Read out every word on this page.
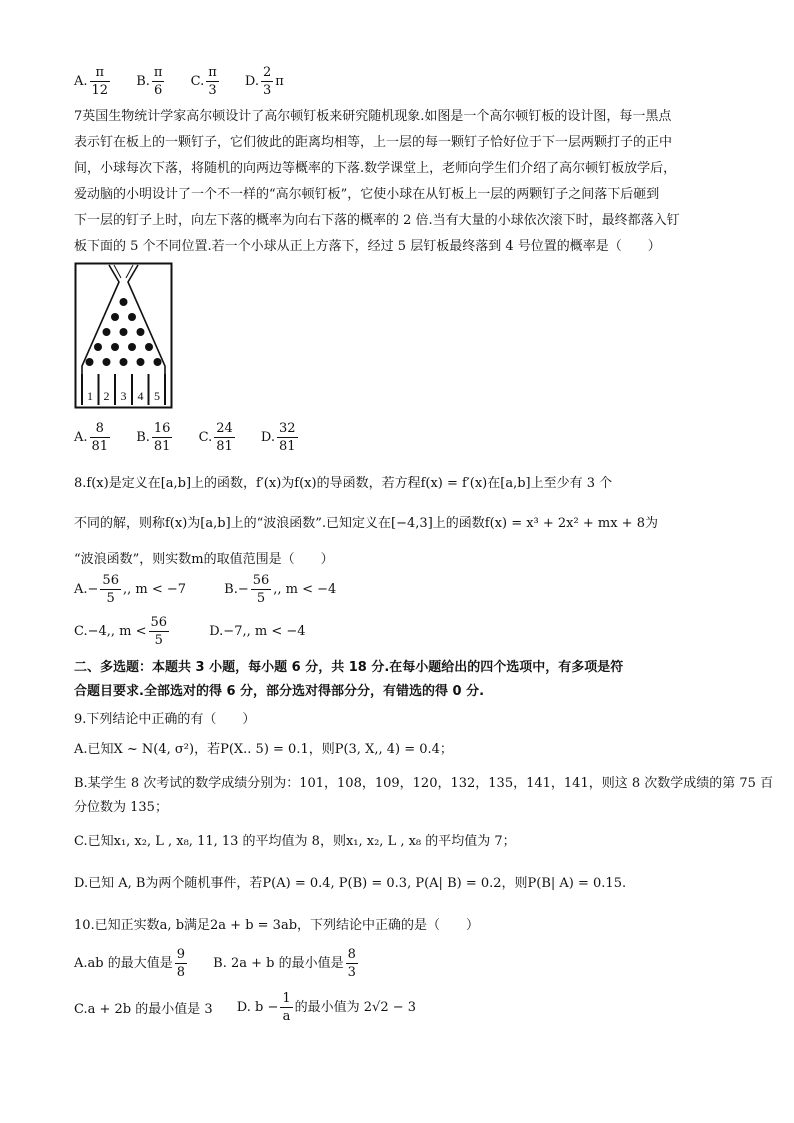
A. $\frac{\pi}{12} B$. $\frac{\pi}{6} C$. $\frac{\pi}{3} D$. $\frac{2}{3}$ π
7英国生物统计学家高尔顿设计了高尔顿钉板来研究随机现象.如图是一个高尔顿钉板的设计图，每一黑点
表示钉在板上的一颗钉子，它们彼此的距离均相等，上一层的每一颗钉子恰好位于下一层两颗打子的正中
间，小球每次下落，将随机的向两边等概率的下落.数学课堂上，老师向学生们介绍了高尔顿钉板放学后，
爱动脑的小明设计了一个不一样的“高尔顿钉板”，它使小球在从钉板上一层的两颗钉子之间落下后砸到
下一层的钉子上时，向左下落的概率为向右下落的概率的 2 倍.当有大量的小球依次滚下时，最终都落入钉
板下面的 5 个不同位置.若一个小球从正上方落下，经过 5 层钉板最终落到 4 号位置的概率是（　　）
1 2 3 4 5
A. $\frac{8}{81} B$. $\frac{16}{81} C$. $\frac{24}{81} D$. $\frac{32}{81}$
8.f(x)是定义在[a,b]上的函数，f′(x)为f(x)的导函数，若方程f(x) = f′(x)在[a,b]上至少有 3 个
不同的解，则称f(x)为[a,b]上的“波浪函数”.已知定义在[−4,3]上的函数f(x) = x³ + 2x² + mx + 8为
“波浪函数”，则实数m的取值范围是（　　）
$A.- \frac{56}{5}$ ,, m < −7	$B.- \frac{56}{5}$ ,, m < −4
C.−4,, $m < \frac{56}{5}$	D.−7,, m < −4
二、多选题：本题共 3 小题，每小题 6 分，共 18 分.在每小题给出的四个选项中，有多项是符
合题目要求.全部选对的得 6 分，部分选对得部分分，有错选的得 0 分.
9.下列结论中正确的有（　　）
A.已知X ~ N(4, σ²)，若P(X.. 5) = 0.1，则P(3, X,, 4) = 0.4；
B.某学生 8 次考试的数学成绩分别为：101，108，109，120，132，135，141，141，则这 8 次数学成绩的第 75 百
分位数为 135；
C.已知x₁, x₂, L , x₈, 11, 13 的平均值为 8，则x₁, x₂, L , x₈ 的平均值为 7；
D.已知 A, B为两个随机事件，若P(A) = 0.4, P(B) = 0.3, P(A| B) = 0.2，则P(B| A) = 0.15.
10.已知正实数a, b满足2a + b = 3ab，下列结论中正确的是（　　）
A.ab 的最大值是 $\frac{9}{8} B$. 2a + b 的最小值是 $\frac{8}{3}$
C.a + 2b 的最小值是 3 D. $b - \frac{1}{a}$ 的最小值为 2√2 − 3
